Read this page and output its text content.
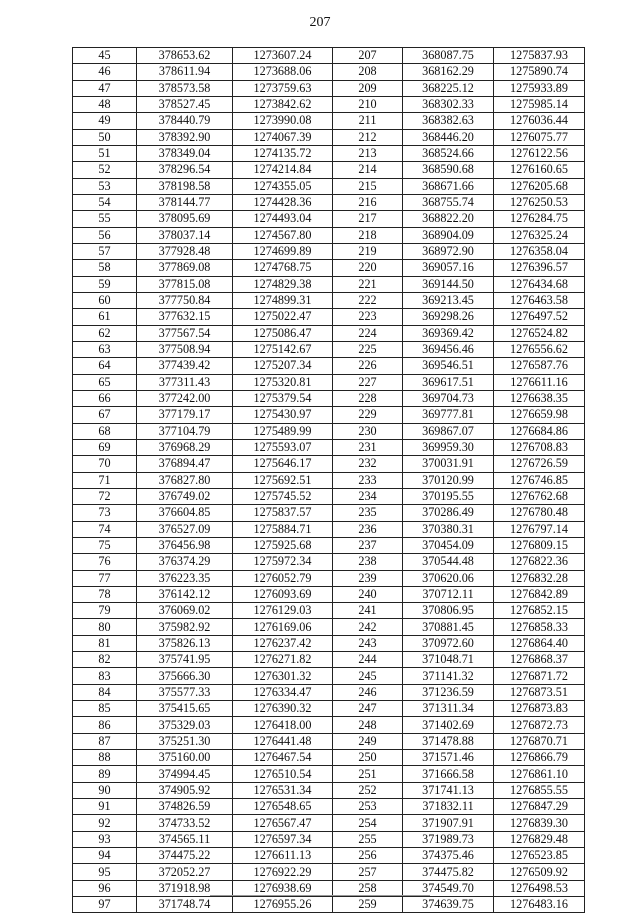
207
45	378653.62	1273607.24	207	368087.75	1275837.93
46	378611.94	1273688.06	208	368162.29	1275890.74
47	378573.58	1273759.63	209	368225.12	1275933.89
48	378527.45	1273842.62	210	368302.33	1275985.14
49	378440.79	1273990.08	211	368382.63	1276036.44
50	378392.90	1274067.39	212	368446.20	1276075.77
51	378349.04	1274135.72	213	368524.66	1276122.56
52	378296.54	1274214.84	214	368590.68	1276160.65
53	378198.58	1274355.05	215	368671.66	1276205.68
54	378144.77	1274428.36	216	368755.74	1276250.53
55	378095.69	1274493.04	217	368822.20	1276284.75
56	378037.14	1274567.80	218	368904.09	1276325.24
57	377928.48	1274699.89	219	368972.90	1276358.04
58	377869.08	1274768.75	220	369057.16	1276396.57
59	377815.08	1274829.38	221	369144.50	1276434.68
60	377750.84	1274899.31	222	369213.45	1276463.58
61	377632.15	1275022.47	223	369298.26	1276497.52
62	377567.54	1275086.47	224	369369.42	1276524.82
63	377508.94	1275142.67	225	369456.46	1276556.62
64	377439.42	1275207.34	226	369546.51	1276587.76
65	377311.43	1275320.81	227	369617.51	1276611.16
66	377242.00	1275379.54	228	369704.73	1276638.35
67	377179.17	1275430.97	229	369777.81	1276659.98
68	377104.79	1275489.99	230	369867.07	1276684.86
69	376968.29	1275593.07	231	369959.30	1276708.83
70	376894.47	1275646.17	232	370031.91	1276726.59
71	376827.80	1275692.51	233	370120.99	1276746.85
72	376749.02	1275745.52	234	370195.55	1276762.68
73	376604.85	1275837.57	235	370286.49	1276780.48
74	376527.09	1275884.71	236	370380.31	1276797.14
75	376456.98	1275925.68	237	370454.09	1276809.15
76	376374.29	1275972.34	238	370544.48	1276822.36
77	376223.35	1276052.79	239	370620.06	1276832.28
78	376142.12	1276093.69	240	370712.11	1276842.89
79	376069.02	1276129.03	241	370806.95	1276852.15
80	375982.92	1276169.06	242	370881.45	1276858.33
81	375826.13	1276237.42	243	370972.60	1276864.40
82	375741.95	1276271.82	244	371048.71	1276868.37
83	375666.30	1276301.32	245	371141.32	1276871.72
84	375577.33	1276334.47	246	371236.59	1276873.51
85	375415.65	1276390.32	247	371311.34	1276873.83
86	375329.03	1276418.00	248	371402.69	1276872.73
87	375251.30	1276441.48	249	371478.88	1276870.71
88	375160.00	1276467.54	250	371571.46	1276866.79
89	374994.45	1276510.54	251	371666.58	1276861.10
90	374905.92	1276531.34	252	371741.13	1276855.55
91	374826.59	1276548.65	253	371832.11	1276847.29
92	374733.52	1276567.47	254	371907.91	1276839.30
93	374565.11	1276597.34	255	371989.73	1276829.48
94	374475.22	1276611.13	256	374375.46	1276523.85
95	372052.27	1276922.29	257	374475.82	1276509.92
96	371918.98	1276938.69	258	374549.70	1276498.53
97	371748.74	1276955.26	259	374639.75	1276483.16
